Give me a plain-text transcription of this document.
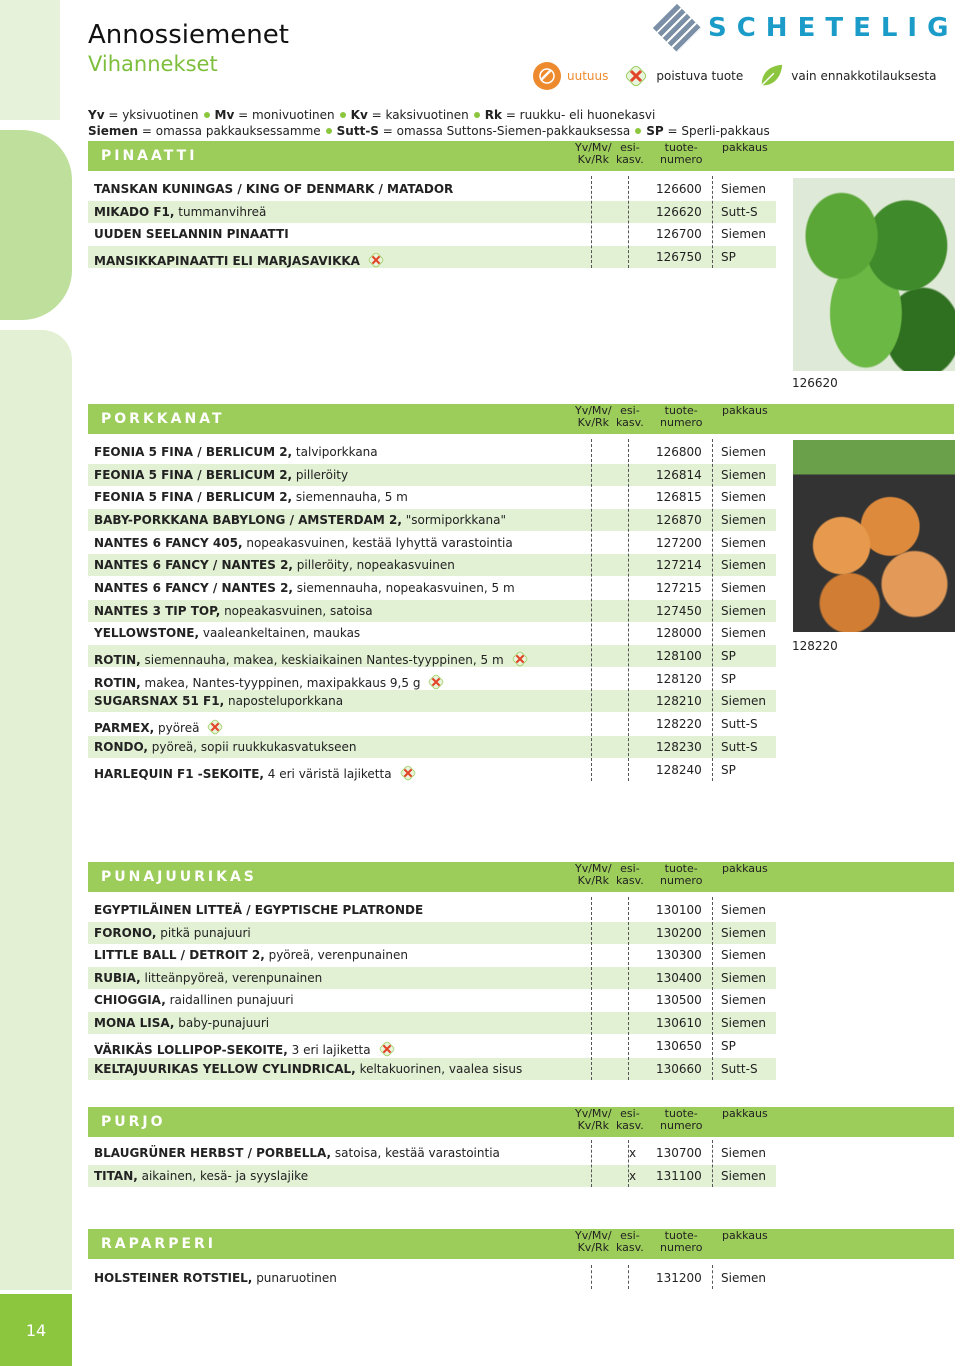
14
Annossiemenet
Vihannekset
SCHETELIG
uutuus	poistuva tuote	vain ennakkotilauksesta
Yv = yksivuotinen Mv = monivuotinen Kv = kaksivuotinen Rk = ruukku- eli huonekasvi
Siemen = omassa pakkauksessamme Sutt-S = omassa Suttons-Siemen-pakkauksessa SP = Sperli-pakkaus
126620
128220
PINAATTI
Yv/Mv/
Kv/Rk
esi-
kasv.
tuote-
numero
pakkaus
TANSKAN KUNINGAS / KING OF DENMARK / MATADOR	126600 Siemen
MIKADO F1, tummanvihreä	126620 Sutt-S
UUDEN SEELANNIN PINAATTI	126700 Siemen
MANSIKKAPINAATTI ELI MARJASAVIKKA	126750 SP
PORKKANAT
Yv/Mv/
Kv/Rk
esi-
kasv.
tuote-
numero
pakkaus
FEONIA 5 FINA / BERLICUM 2, talviporkkana	126800 Siemen
FEONIA 5 FINA / BERLICUM 2, pilleröity	126814 Siemen
FEONIA 5 FINA / BERLICUM 2, siemennauha, 5 m	126815 Siemen
BABY-PORKKANA BABYLONG / AMSTERDAM 2, "sormiporkkana"	126870 Siemen
NANTES 6 FANCY 405, nopeakasvuinen, kestää lyhyttä varastointia	127200 Siemen
NANTES 6 FANCY / NANTES 2, pilleröity, nopeakasvuinen	127214 Siemen
NANTES 6 FANCY / NANTES 2, siemennauha, nopeakasvuinen, 5 m	127215 Siemen
NANTES 3 TIP TOP, nopeakasvuinen, satoisa	127450 Siemen
YELLOWSTONE, vaaleankeltainen, maukas	128000 Siemen
ROTIN, siemennauha, makea, keskiaikainen Nantes-tyyppinen, 5 m	128100 SP
ROTIN, makea, Nantes-tyyppinen, maxipakkaus 9,5 g	128120 SP
SUGARSNAX 51 F1, naposteluporkkana	128210 Siemen
PARMEX, pyöreä	128220 Sutt-S
RONDO, pyöreä, sopii ruukkukasvatukseen	128230 Sutt-S
HARLEQUIN F1 -SEKOITE, 4 eri väristä lajiketta	128240 SP
PUNAJUURIKAS
Yv/Mv/
Kv/Rk
esi-
kasv.
tuote-
numero
pakkaus
EGYPTILÄINEN LITTEÄ / EGYPTISCHE PLATRONDE	130100 Siemen
FORONO, pitkä punajuuri	130200 Siemen
LITTLE BALL / DETROIT 2, pyöreä, verenpunainen	130300 Siemen
RUBIA, litteänpyöreä, verenpunainen	130400 Siemen
CHIOGGIA, raidallinen punajuuri	130500 Siemen
MONA LISA, baby-punajuuri	130610 Siemen
VÄRIKÄS LOLLIPOP-SEKOITE, 3 eri lajiketta	130650 SP
KELTAJUURIKAS YELLOW CYLINDRICAL, keltakuorinen, vaalea sisus	130660 Sutt-S
PURJO
Yv/Mv/
Kv/Rk
esi-
kasv.
tuote-
numero
pakkaus
BLAUGRÜNER HERBST / PORBELLA, satoisa, kestää varastointia	x 130700 Siemen
TITAN, aikainen, kesä- ja syyslajike	x 131100 Siemen
RAPARPERI
Yv/Mv/
Kv/Rk
esi-
kasv.
tuote-
numero
pakkaus
HOLSTEINER ROTSTIEL, punaruotinen	131200 Siemen
